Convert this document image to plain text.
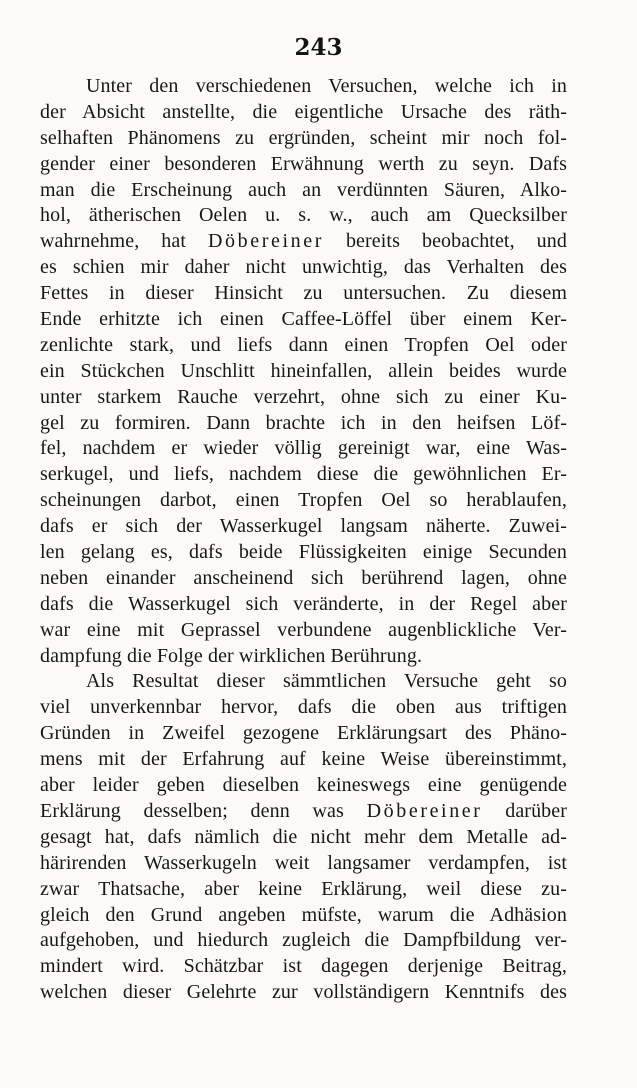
243
Unter den verschiedenen Versuchen, welche ich in
der Absicht anstellte, die eigentliche Ursache des räth-
selhaften Phänomens zu ergründen, scheint mir noch fol-
gender einer besonderen Erwähnung werth zu seyn. Dafs
man die Erscheinung auch an verdünnten Säuren, Alko-
hol, ätherischen Oelen u. s. w., auch am Quecksilber
wahrnehme, hat Döbereiner bereits beobachtet, und
es schien mir daher nicht unwichtig, das Verhalten des
Fettes in dieser Hinsicht zu untersuchen. Zu diesem
Ende erhitzte ich einen Caffee-Löffel über einem Ker-
zenlichte stark, und liefs dann einen Tropfen Oel oder
ein Stückchen Unschlitt hineinfallen, allein beides wurde
unter starkem Rauche verzehrt, ohne sich zu einer Ku-
gel zu formiren. Dann brachte ich in den heifsen Löf-
fel, nachdem er wieder völlig gereinigt war, eine Was-
serkugel, und liefs, nachdem diese die gewöhnlichen Er-
scheinungen darbot, einen Tropfen Oel so herablaufen,
dafs er sich der Wasserkugel langsam näherte. Zuwei-
len gelang es, dafs beide Flüssigkeiten einige Secunden
neben einander anscheinend sich berührend lagen, ohne
dafs die Wasserkugel sich veränderte, in der Regel aber
war eine mit Geprassel verbundene augenblickliche Ver-
dampfung die Folge der wirklichen Berührung.
Als Resultat dieser sämmtlichen Versuche geht so
viel unverkennbar hervor, dafs die oben aus triftigen
Gründen in Zweifel gezogene Erklärungsart des Phäno-
mens mit der Erfahrung auf keine Weise übereinstimmt,
aber leider geben dieselben keineswegs eine genügende
Erklärung desselben; denn was Döbereiner darüber
gesagt hat, dafs nämlich die nicht mehr dem Metalle ad-
härirenden Wasserkugeln weit langsamer verdampfen, ist
zwar Thatsache, aber keine Erklärung, weil diese zu-
gleich den Grund angeben müfste, warum die Adhäsion
aufgehoben, und hiedurch zugleich die Dampfbildung ver-
mindert wird. Schätzbar ist dagegen derjenige Beitrag,
welchen dieser Gelehrte zur vollständigern Kenntnifs des
